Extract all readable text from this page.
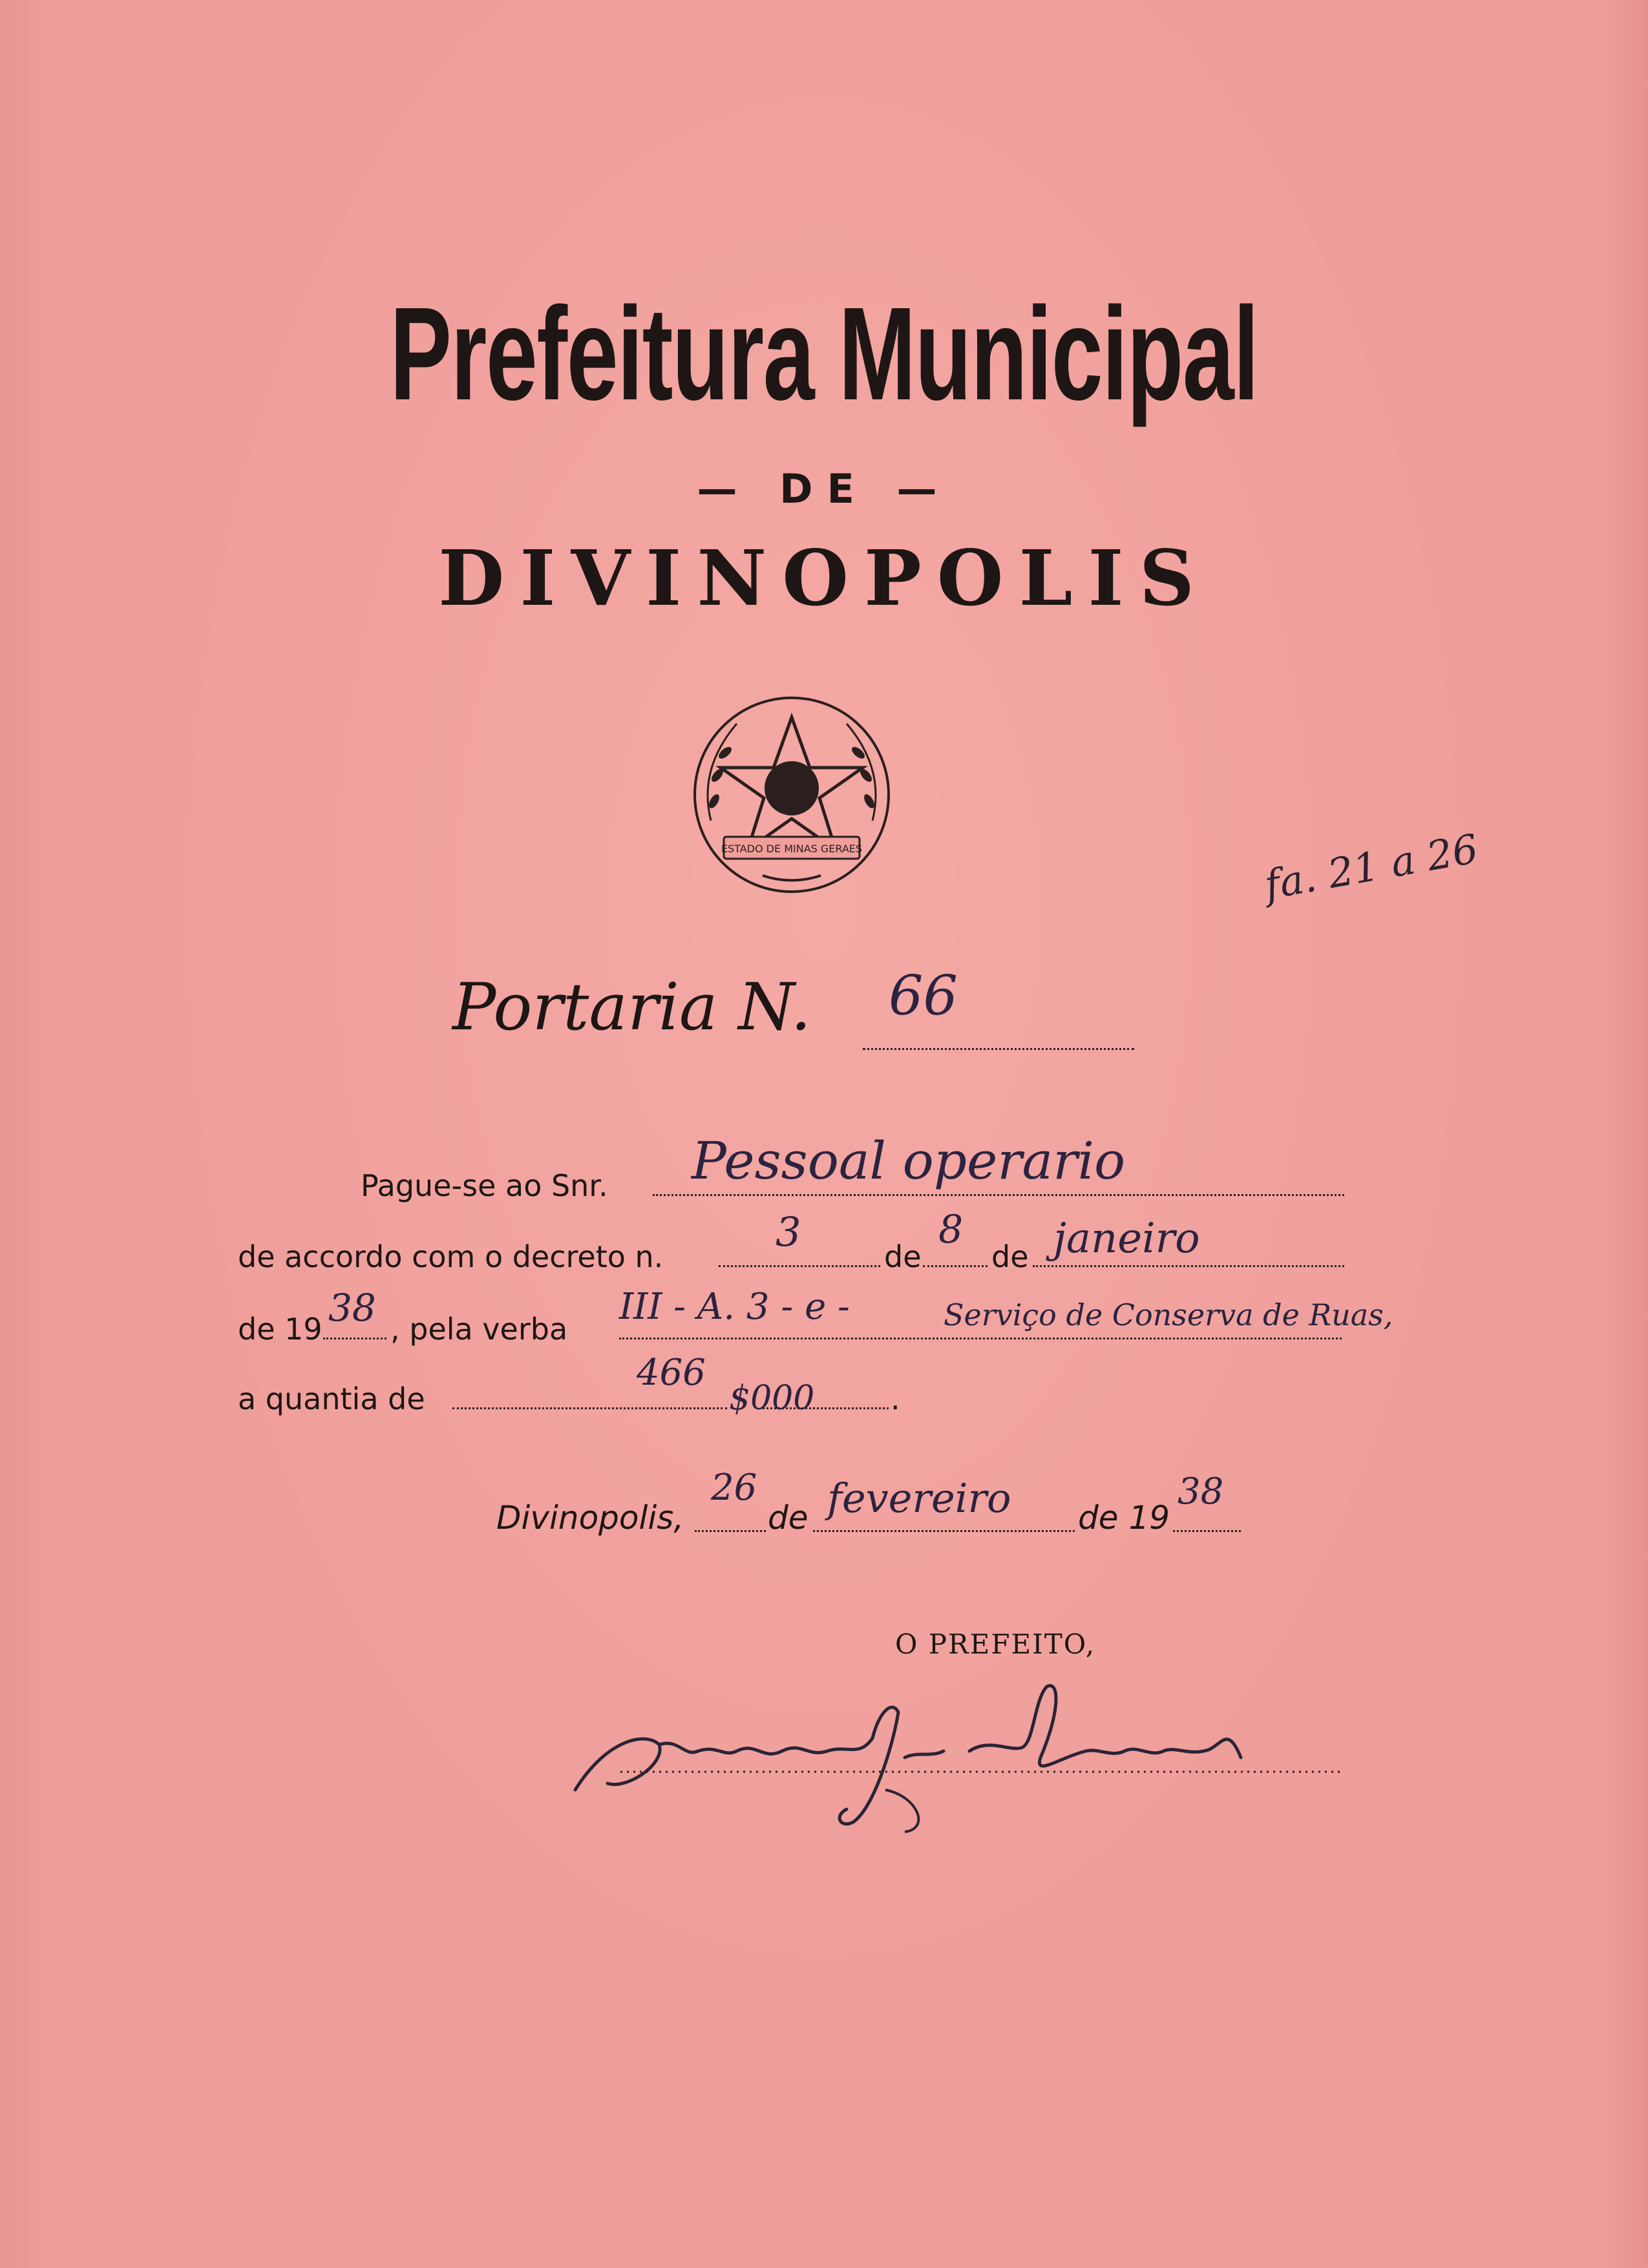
Prefeitura Municipal
— DE —
DIVINOPOLIS
ESTADO DE MINAS GERAES	fa. 21 a 26
Portaria N. 66
Pague-se ao Snr. Pessoal operario
de accordo com o decreto n.
3
de
8
de janeiro
de 19 38 , pela verba
III - A. 3 - e -	Serviço de Conserva de Ruas,
a quantia de
466
$000	.
Divinopolis,
26
de fevereiro de 19
38
O PREFEITO,
